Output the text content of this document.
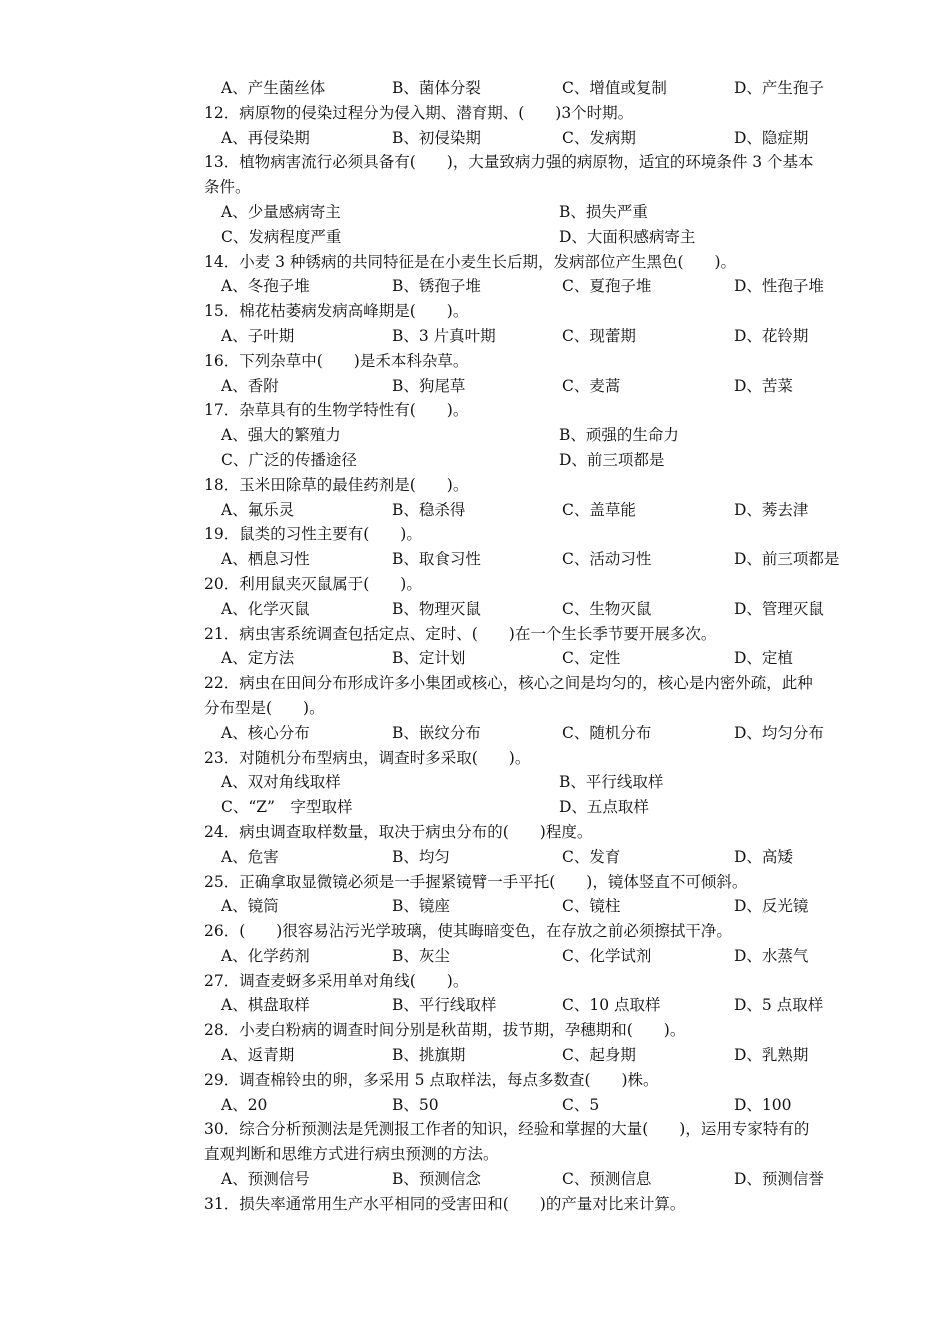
A、产生菌丝体	B、菌体分裂	C、增值或复制	D、产生孢子
12．病原物的侵染过程分为侵入期、潜育期、(　　)3个时期。
A、再侵染期	B、初侵染期	C、发病期	D、隐症期
13．植物病害流行必须具备有(　　)，大量致病力强的病原物，适宜的环境条件 3 个基本
条件。
A、少量感病寄主	B、损失严重
C、发病程度严重	D、大面积感病寄主
14．小麦 3 种锈病的共同特征是在小麦生长后期，发病部位产生黑色(　　)。
A、冬孢子堆	B、锈孢子堆	C、夏孢子堆	D、性孢子堆
15．棉花枯萎病发病高峰期是(　　)。
A、子叶期	B、3 片真叶期	C、现蕾期	D、花铃期
16．下列杂草中(　　)是禾本科杂草。
A、香附	B、狗尾草	C、麦蒿	D、苦菜
17．杂草具有的生物学特性有(　　)。
A、强大的繁殖力	B、顽强的生命力
C、广泛的传播途径	D、前三项都是
18．玉米田除草的最佳药剂是(　　)。
A、氟乐灵	B、稳杀得	C、盖草能	D、莠去津
19．鼠类的习性主要有(　　)。
A、栖息习性	B、取食习性	C、活动习性	D、前三项都是
20．利用鼠夹灭鼠属于(　　)。
A、化学灭鼠	B、物理灭鼠	C、生物灭鼠	D、管理灭鼠
21．病虫害系统调查包括定点、定时、(　　)在一个生长季节要开展多次。
A、定方法	B、定计划	C、定性	D、定植
22．病虫在田间分布形成许多小集团或核心，核心之间是均匀的，核心是内密外疏，此种
分布型是(　　)。
A、核心分布	B、嵌纹分布	C、随机分布	D、均匀分布
23．对随机分布型病虫，调查时多采取(　　)。
A、双对角线取样	B、平行线取样
C、“Z”　字型取样	D、五点取样
24．病虫调查取样数量，取决于病虫分布的(　　)程度。
A、危害	B、均匀	C、发育	D、高矮
25．正确拿取显微镜必须是一手握紧镜臂一手平托(　　)，镜体竖直不可倾斜。
A、镜筒	B、镜座	C、镜柱	D、反光镜
26．(　　)很容易沾污光学玻璃，使其晦暗变色，在存放之前必须擦拭干净。
A、化学药剂	B、灰尘	C、化学试剂	D、水蒸气
27．调查麦蚜多采用单对角线(　　)。
A、棋盘取样	B、平行线取样	C、10 点取样	D、5 点取样
28．小麦白粉病的调查时间分别是秋苗期，拔节期，孕穗期和(　　)。
A、返青期	B、挑旗期	C、起身期	D、乳熟期
29．调查棉铃虫的卵，多采用 5 点取样法，每点多数查(　　)株。
A、20	B、50	C、5	D、100
30．综合分析预测法是凭测报工作者的知识，经验和掌握的大量(　　)，运用专家特有的
直观判断和思维方式进行病虫预测的方法。
A、预测信号	B、预测信念	C、预测信息	D、预测信誉
31．损失率通常用生产水平相同的受害田和(　　)的产量对比来计算。
